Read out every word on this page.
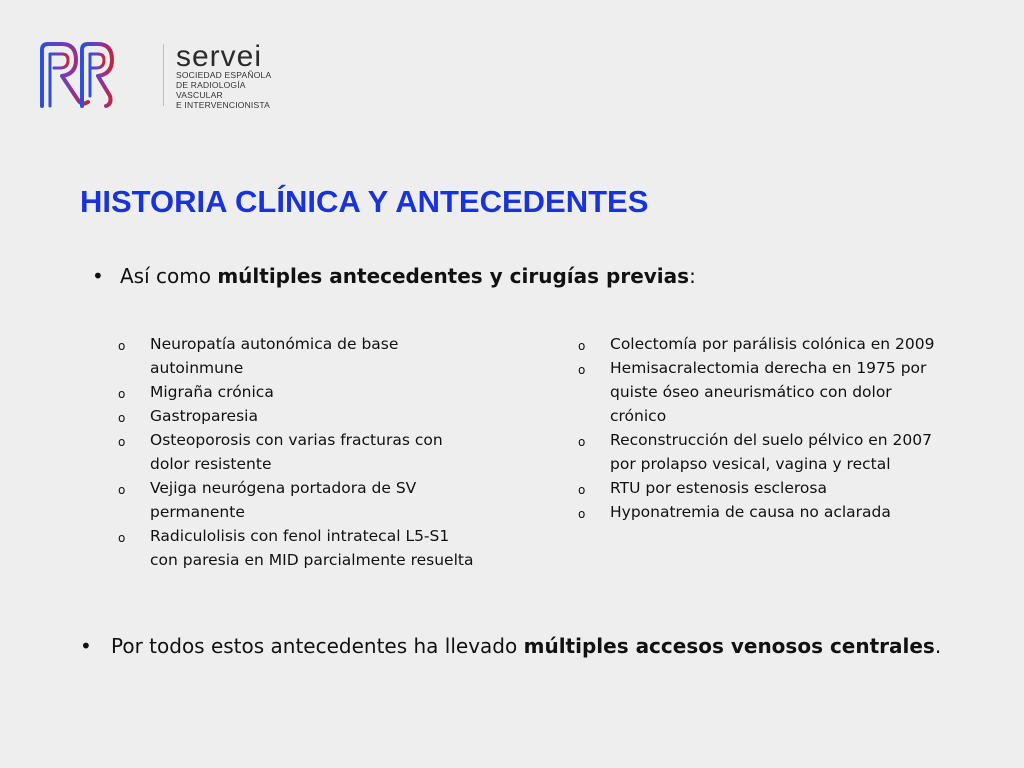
servei
SOCIEDAD ESPAÑOLA
DE RADIOLOGÍA
VASCULAR
E INTERVENCIONISTA
HISTORIA CLÍNICA Y ANTECEDENTES
• Así como múltiples antecedentes y cirugías previas:
o Neuropatía autonómica de base
autoinmune
o Migraña crónica
o Gastroparesia
o Osteoporosis con varias fracturas con
dolor resistente
o Vejiga neurógena portadora de SV
permanente
o Radiculolisis con fenol intratecal L5-S1
con paresia en MID parcialmente resuelta
o Colectomía por parálisis colónica en 2009
o Hemisacralectomia derecha en 1975 por
quiste óseo aneurismático con dolor
crónico
o Reconstrucción del suelo pélvico en 2007
por prolapso vesical, vagina y rectal
o RTU por estenosis esclerosa
o Hyponatremia de causa no aclarada
• Por todos estos antecedentes ha llevado múltiples accesos venosos centrales.
